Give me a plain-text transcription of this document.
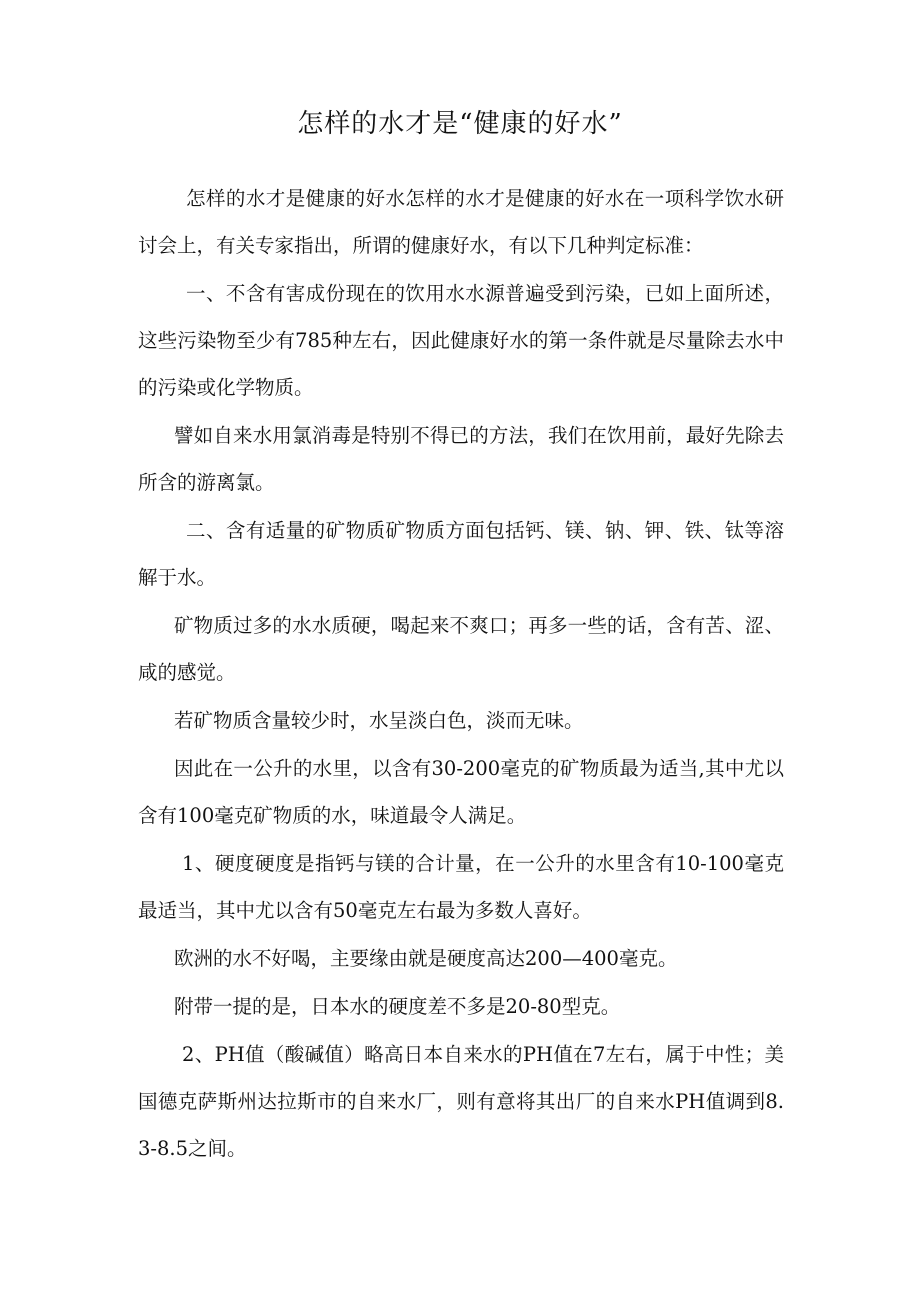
怎样的水才是“健康的好水”

怎样的水才是健康的好水怎样的水才是健康的好水在一项科学饮水研讨会上，有关专家指出，所谓的健康好水，有以下几种判定标准：

一、不含有害成份现在的饮用水水源普遍受到污染，已如上面所述，这些污染物至少有785种左右，因此健康好水的第一条件就是尽量除去水中的污染或化学物质。

譬如自来水用氯消毒是特别不得已的方法，我们在饮用前，最好先除去所含的游离氯。

二、含有适量的矿物质矿物质方面包括钙、镁、钠、钾、铁、钛等溶解于水。

矿物质过多的水水质硬，喝起来不爽口；再多一些的话，含有苦、涩、咸的感觉。

若矿物质含量较少时，水呈淡白色，淡而无味。

因此在一公升的水里，以含有30-200毫克的矿物质最为适当,其中尤以含有100毫克矿物质的水，味道最令人满足。

1、硬度硬度是指钙与镁的合计量，在一公升的水里含有10-100毫克最适当，其中尤以含有50毫克左右最为多数人喜好。

欧洲的水不好喝，主要缘由就是硬度高达200—400毫克。

附带一提的是，日本水的硬度差不多是20-80型克。

2、PH值（酸碱值）略高日本自来水的PH值在7左右，属于中性；美国德克萨斯州达拉斯市的自来水厂，则有意将其出厂的自来水PH值调到8.3-8.5之间。
